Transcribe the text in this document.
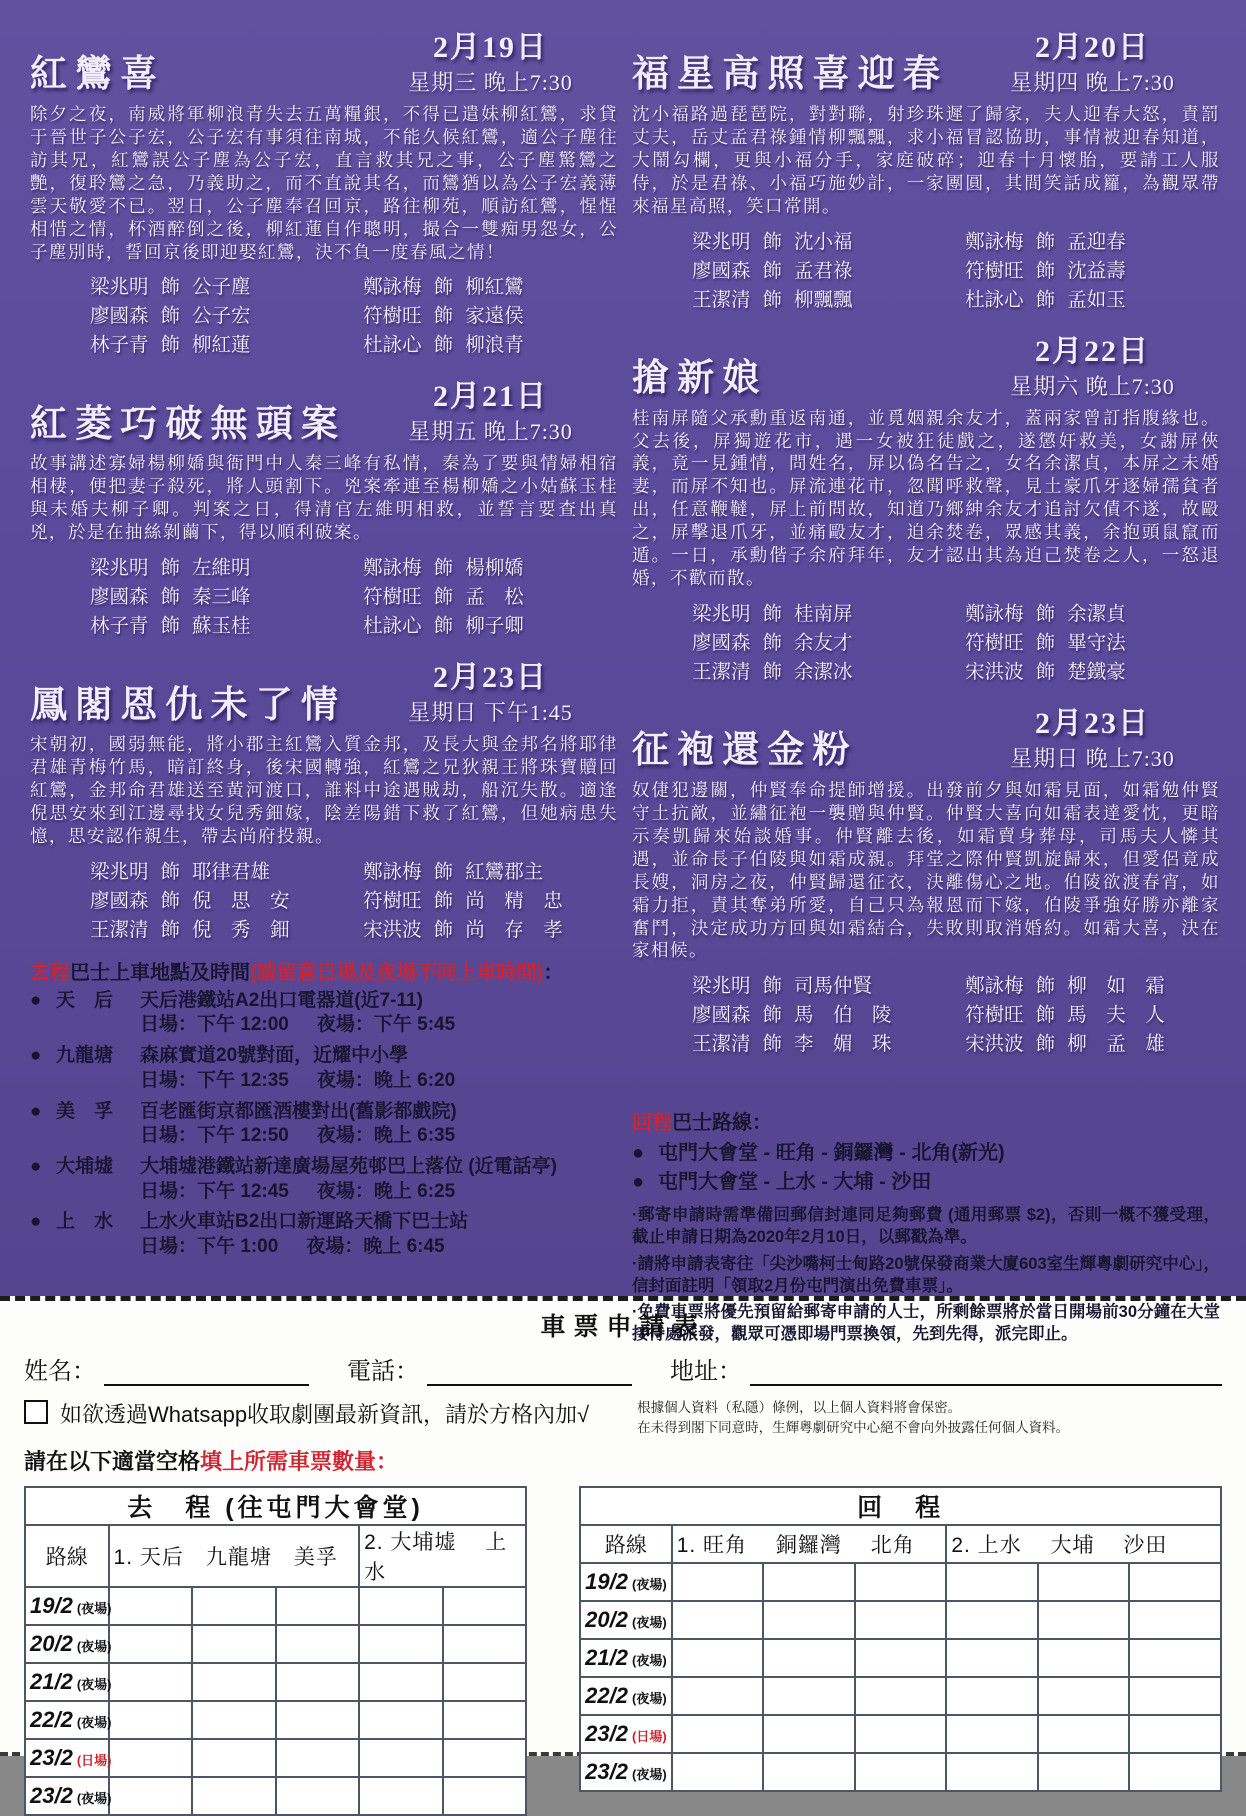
紅鸞喜
2月19日
星期三 晚上7:30

除夕之夜，南威將軍柳浪青失去五萬糧銀，不得已遣妹柳紅鸞，求貸于晉世子公子宏，公子宏有事須往南城，不能久候紅鸞，適公子塵往訪其兄，紅鸞誤公子塵為公子宏，直言救其兄之事，公子塵驚鸞之艷，復聆鸞之急，乃義助之，而不直說其名，而鸞猶以為公子宏義薄雲天敬愛不已。翌日，公子塵奉召回京，路往柳苑，順訪紅鸞，惺惺相惜之情，杯酒醉倒之後，柳紅蓮自作聰明，撮合一雙痴男怨女，公子塵別時，誓回京後即迎娶紅鸞，決不負一度春風之情！

梁兆明 飾 公子塵	鄭詠梅 飾 柳紅鸞
廖國森 飾 公子宏	符樹旺 飾 家遠侯
林子青 飾 柳紅蓮	杜詠心 飾 柳浪青
紅菱巧破無頭案
2月21日
星期五 晚上7:30

故事講述寡婦楊柳嬌與衙門中人秦三峰有私情，秦為了要與情婦相宿相棲，便把妻子殺死，將人頭割下。兇案牽連至楊柳嬌之小姑蘇玉桂與未婚夫柳子卿。判案之日，得清官左維明相救，並誓言要查出真兇，於是在抽絲剝繭下，得以順利破案。

梁兆明 飾 左維明	鄭詠梅 飾 楊柳嬌
廖國森 飾 秦三峰	符樹旺 飾 孟　松
林子青 飾 蘇玉桂	杜詠心 飾 柳子卿
鳳閣恩仇未了情
2月23日
星期日 下午1:45

宋朝初，國弱無能，將小郡主紅鸞入質金邦，及長大與金邦名將耶律君雄青梅竹馬，暗訂終身，後宋國轉強，紅鸞之兄狄親王將珠寶贖回紅鸞，金邦命君雄送至黃河渡口，誰料中途遇賊劫，船沉失散。適逢倪思安來到江邊尋找女兒秀鈿嫁，陰差陽錯下救了紅鸞，但她病患失憶，思安認作親生，帶去尚府投親。

梁兆明 飾 耶律君雄	鄭詠梅 飾 紅鸞郡主
廖國森 飾 倪　思　安	符樹旺 飾 尚　精　忠
王潔清 飾 倪　秀　鈿	宋洪波 飾 尚　存　孝
去程巴士上車地點及時間(請留意日場及夜場不同上車時間)：
● 天　后	天后港鐵站A2出口電器道(近7-11)
日場：下午 12:00 夜場：下午 5:45
● 九龍塘	森麻實道20號對面，近耀中小學
日場：下午 12:35 夜場：晚上 6:20
● 美　孚	百老匯街京都匯酒樓對出(舊影都戲院)
日場：下午 12:50 夜場：晚上 6:35
● 大埔墟	大埔墟港鐵站新達廣場屋苑邨巴上落位 (近電話亭)
日場：下午 12:45 夜場：晚上 6:25
● 上　水	上水火車站B2出口新運路天橋下巴士站
日場：下午 1:00 夜場：晚上 6:45
福星高照喜迎春
2月20日
星期四 晚上7:30

沈小福路過琵琶院，對對聯，射珍珠遲了歸家，夫人迎春大怒，責罰丈夫，岳丈孟君祿鍾情柳飄飄，求小福冒認協助，事情被迎春知道，大鬧勾欄，更與小福分手，家庭破碎；迎春十月懷胎，要請工人服侍，於是君祿、小福巧施妙計，一家團圓，其間笑話成籮，為觀眾帶來福星高照，笑口常開。

梁兆明 飾 沈小福	鄭詠梅 飾 孟迎春
廖國森 飾 孟君祿	符樹旺 飾 沈益壽
王潔清 飾 柳飄飄	杜詠心 飾 孟如玉
搶新娘
2月22日
星期六 晚上7:30

桂南屏隨父承勳重返南通，並覓姻親余友才，蓋兩家曾訂指腹緣也。父去後，屏獨遊花市，遇一女被狂徒戲之，遂懲奸救美，女謝屏俠義，竟一見鍾情，問姓名，屏以偽名告之，女名余潔貞，本屏之未婚妻，而屏不知也。屏流連花市，忽聞呼救聲，見土豪爪牙逐婦孺貧者出，任意鞭韃，屏上前問故，知道乃鄉紳余友才追討欠債不遂，故毆之，屏擊退爪牙，並痛毆友才，迫余焚卷，眾感其義，余抱頭鼠竄而遁。一日，承勳偕子余府拜年，友才認出其為迫己焚卷之人，一怒退婚，不歡而散。

梁兆明 飾 桂南屏	鄭詠梅 飾 余潔貞
廖國森 飾 余友才	符樹旺 飾 畢守法
王潔清 飾 余潔冰	宋洪波 飾 楚鐵豪
征袍還金粉
2月23日
星期日 晚上7:30

奴倢犯邊關，仲賢奉命提師增援。出發前夕與如霜見面，如霜勉仲賢守土抗敵，並繡征袍一襲贈與仲賢。仲賢大喜向如霜表達愛忱，更暗示奏凱歸來始談婚事。仲賢離去後，如霜賣身葬母，司馬夫人憐其遇，並命長子伯陵與如霜成親。拜堂之際仲賢凱旋歸來，但愛侶竟成長嫂，洞房之夜，仲賢歸還征衣，決離傷心之地。伯陵欲渡春宵，如霜力拒，責其奪弟所愛，自己只為報恩而下嫁，伯陵爭強好勝亦離家奮鬥，決定成功方回與如霜結合，失敗則取消婚約。如霜大喜，決在家相候。

梁兆明 飾 司馬仲賢	鄭詠梅 飾 柳　如　霜
廖國森 飾 馬　伯　陵	符樹旺 飾 馬　夫　人
王潔清 飾 李　媚　珠	宋洪波 飾 柳　孟　雄
回程巴士路線：
● 屯門大會堂 - 旺角 - 銅鑼灣 - 北角(新光)
● 屯門大會堂 - 上水 - 大埔 - 沙田
·郵寄申請時需準備回郵信封連同足夠郵費 (通用郵票 $2)，否則一概不獲受理，截止申請日期為2020年2月10日，以郵戳為準。
·請將申請表寄往「尖沙嘴柯士甸路20號保發商業大廈603室生輝粵劇研究中心」，信封面註明「領取2月份屯門演出免費車票」。
·免費車票將優先預留給郵寄申請的人士，所剩餘票將於當日開場前30分鐘在大堂接待處派發，觀眾可憑即場門票換領，先到先得，派完即止。
車票申請表
姓名：	電話：	地址：
如欲透過Whatsapp收取劇團最新資訊，請於方格內加√	根據個人資料（私隱）條例，以上個人資料將會保密。
在未得到閣下同意時，生輝粵劇研究中心絕不會向外披露任何個人資料。
請在以下適當空格填上所需車票數量：
去　程 (往屯門大會堂)					
路線	1. 天后　九龍塘　美孚			2. 大埔墟　 上水	
19/2 (夜場)					
20/2 (夜場)					
21/2 (夜場)					
22/2 (夜場)					
23/2 (日場)					
23/2 (夜場)					
回　程						
路線	1. 旺角　 銅鑼灣　 北角			2. 上水　 大埔　 沙田		
19/2 (夜場)						
20/2 (夜場)						
21/2 (夜場)						
22/2 (夜場)						
23/2 (日場)						
23/2 (夜場)						
